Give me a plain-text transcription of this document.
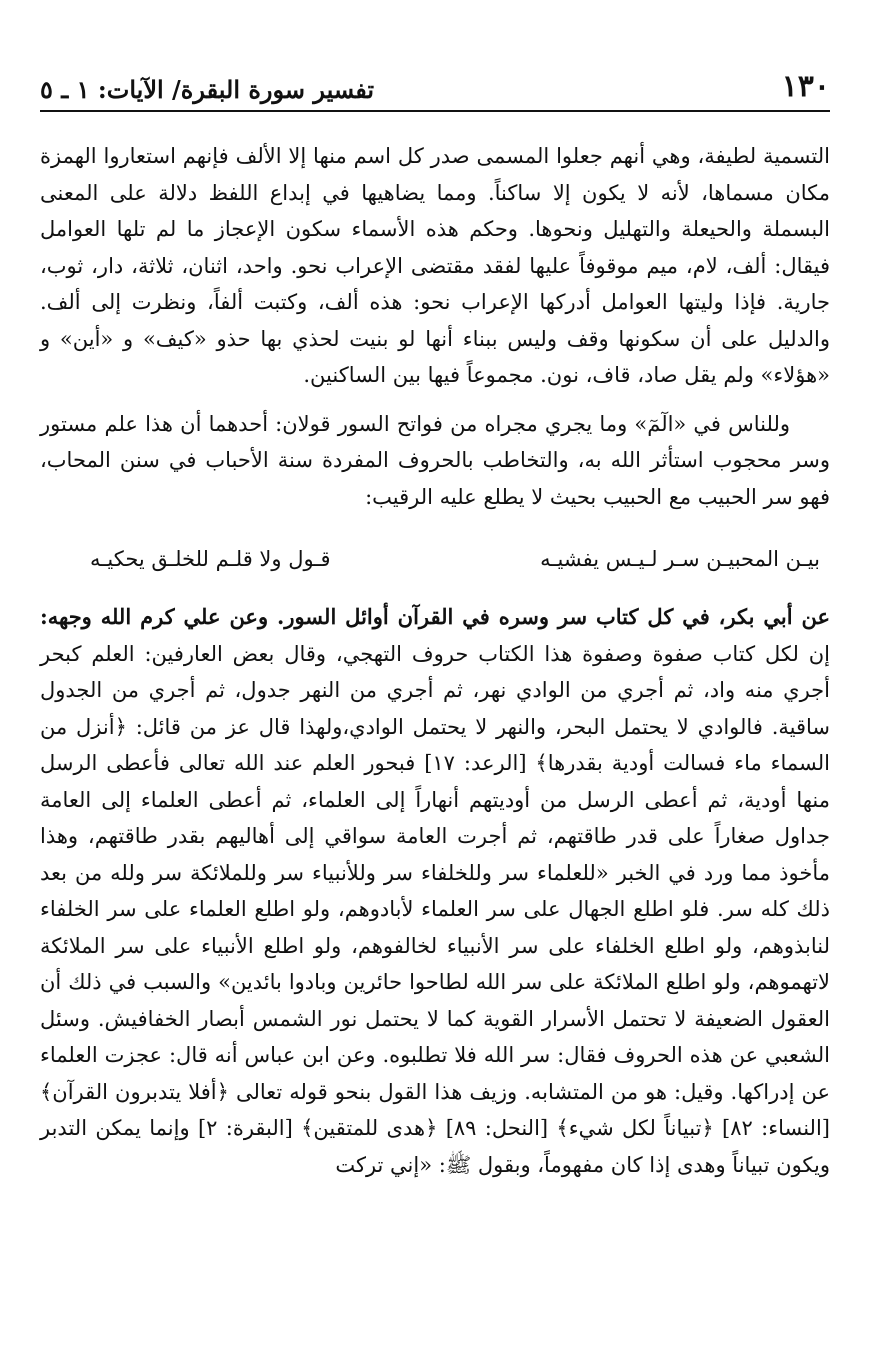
١٣٠
تفسير سورة البقرة/ الآيات: ١ ـ ٥

التسمية لطيفة، وهي أنهم جعلوا المسمى صدر كل اسم منها إلا الألف فإنهم استعاروا الهمزة مكان مسماها، لأنه لا يكون إلا ساكناً. ومما يضاهيها في إبداع اللفظ دلالة على المعنى البسملة والحيعلة والتهليل ونحوها. وحكم هذه الأسماء سكون الإعجاز ما لم تلها العوامل فيقال: ألف، لام، ميم موقوفاً عليها لفقد مقتضى الإعراب نحو. واحد، اثنان، ثلاثة، دار، ثوب، جارية. فإذا وليتها العوامل أدركها الإعراب نحو: هذه ألف، وكتبت ألفاً، ونظرت إلى ألف. والدليل على أن سكونها وقف وليس ببناء أنها لو بنيت لحذي بها حذو «كيف» و «أين» و «هؤلاء» ولم يقل صاد، قاف، نون. مجموعاً فيها بين الساكنين.

وللناس في «الٓمٓ» وما يجري مجراه من فواتح السور قولان: أحدهما أن هذا علم مستور وسر محجوب استأثر الله به، والتخاطب بالحروف المفردة سنة الأحباب في سنن المحاب، فهو سر الحبيب مع الحبيب بحيث لا يطلع عليه الرقيب:

بيـن المحبيـن سـر لـيـس يفشيـه
قـول ولا قلـم للخلـق يحكيـه

عن أبي بكر، في كل كتاب سر وسره في القرآن أوائل السور. وعن علي كرم الله وجهه: إن لكل كتاب صفوة وصفوة هذا الكتاب حروف التهجي، وقال بعض العارفين: العلم كبحر أجري منه واد، ثم أجري من الوادي نهر، ثم أجري من النهر جدول، ثم أجري من الجدول ساقية. فالوادي لا يحتمل البحر، والنهر لا يحتمل الوادي،ولهذا قال عز من قائل: ﴿أنزل من السماء ماء فسالت أودية بقدرها﴾ [الرعد: ١٧] فبحور العلم عند الله تعالى فأعطى الرسل منها أودية، ثم أعطى الرسل من أوديتهم أنهاراً إلى العلماء، ثم أعطى العلماء إلى العامة جداول صغاراً على قدر طاقتهم، ثم أجرت العامة سواقي إلى أهاليهم بقدر طاقتهم، وهذا مأخوذ مما ورد في الخبر «للعلماء سر وللخلفاء سر وللأنبياء سر وللملائكة سر ولله من بعد ذلك كله سر. فلو اطلع الجهال على سر العلماء لأبادوهم، ولو اطلع العلماء على سر الخلفاء لنابذوهم، ولو اطلع الخلفاء على سر الأنبياء لخالفوهم، ولو اطلع الأنبياء على سر الملائكة لاتهموهم، ولو اطلع الملائكة على سر الله لطاحوا حائرين وبادوا بائدين» والسبب في ذلك أن العقول الضعيفة لا تحتمل الأسرار القوية كما لا يحتمل نور الشمس أبصار الخفافيش. وسئل الشعبي عن هذه الحروف فقال: سر الله فلا تطلبوه. وعن ابن عباس أنه قال: عجزت العلماء عن إدراكها. وقيل: هو من المتشابه. وزيف هذا القول بنحو قوله تعالى ﴿أفلا يتدبرون القرآن﴾ [النساء: ٨٢] ﴿تبياناً لكل شيء﴾ [النحل: ٨٩] ﴿هدى للمتقين﴾ [البقرة: ٢] وإنما يمكن التدبر ويكون تبياناً وهدى إذا كان مفهوماً، وبقول ﷺ: «إني تركت
